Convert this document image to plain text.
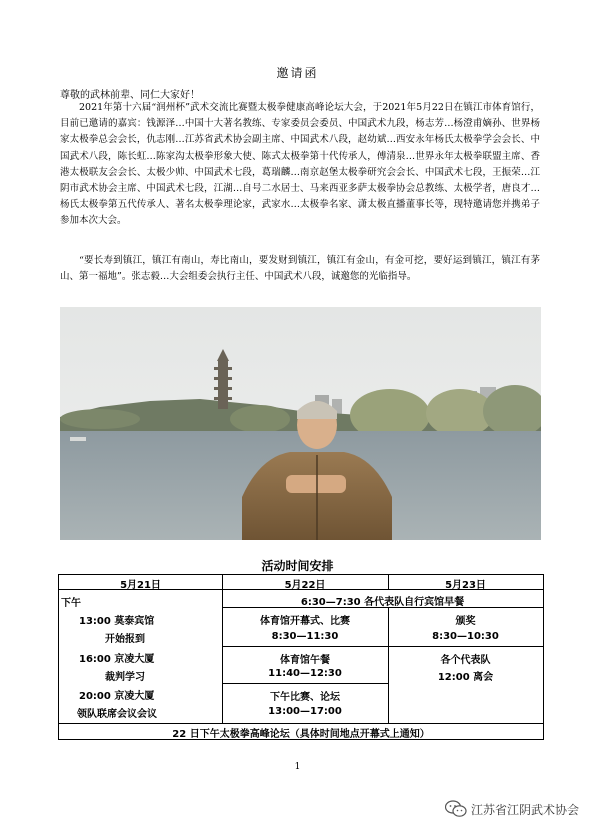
邀请函
尊敬的武林前辈、同仁大家好！
2021年第十六届“润州杯”武术交流比赛暨太极拳健康高峰论坛大会，于2021年5月22日在镇江市体育馆行，目前已邀请的嘉宾：钱源泽…中国十大著名教练、专家委员会委员、中国武术九段，杨志芳…杨澄甫嫡孙、世界杨家太极拳总会会长，仇志刚…江苏省武术协会副主席、中国武术八段，赵幼斌…西安永年杨氏太极拳学会会长、中国武术八段，陈长虹…陈家沟太极拳形象大使、陈式太极拳第十代传承人，傅清泉…世界永年太极拳联盟主席、香港太极联友会会长、太极少帅、中国武术七段，葛瑞麟…南京赵堡太极拳研究会会长、中国武术七段，王振荣…江阴市武术协会主席、中国武术七段，江湖…自号二水居士、马来西亚多萨太极拳协会总教练、太极学者，唐良才…杨氏太极拳第五代传承人、著名太极拳理论家，武家水…太极拳名家、潇太极直播董事长等，现特邀请您并携弟子参加本次大会。
“要长寿到镇江，镇江有南山，寿比南山，要发财到镇江，镇江有金山，有金可挖，要好运到镇江，镇江有茅山、第一福地”。张志毅…大会组委会执行主任、中国武术八段，诚邀您的光临指导。
活动时间安排
5月21日	5月22日	5月23日
下午
13:00 莫泰宾馆
开始报到
16:00 京凌大厦
裁判学习
20:00 京凌大厦
领队联席会议会议
6:30—7:30 各代表队自行宾馆早餐
体育馆开幕式、比赛
8:30—11:30
体育馆午餐
11:40—12:30
下午比赛、论坛
13:00—17:00
颁奖
8:30—10:30
各个代表队
12:00 离会
22 日下午太极拳高峰论坛（具体时间地点开幕式上通知）
1
江苏省江阴武术协会
